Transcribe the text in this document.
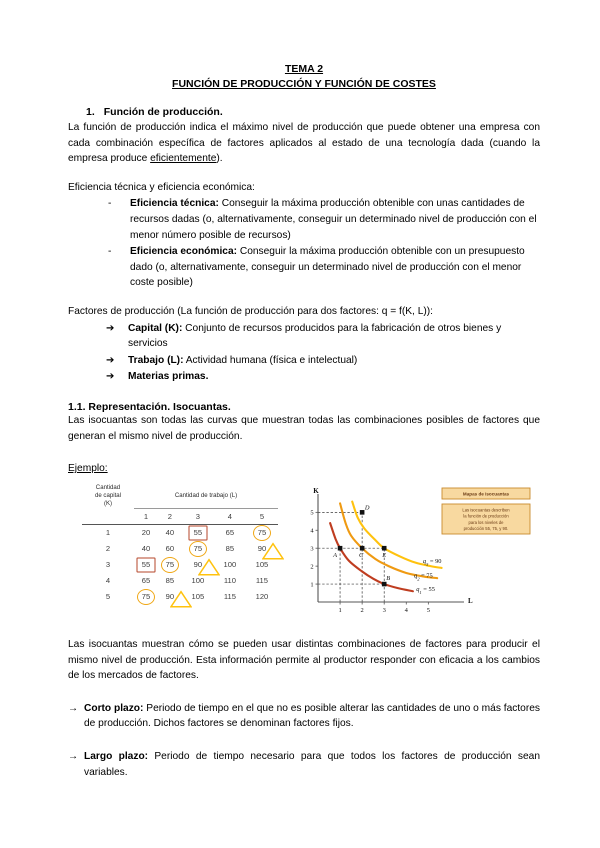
TEMA 2
FUNCIÓN DE PRODUCCIÓN Y FUNCIÓN DE COSTES
1. Función de producción.

La función de producción indica el máximo nivel de producción que puede obtener una empresa con cada combinación específica de factores aplicados al estado de una tecnología dada (cuando la empresa produce eficientemente).

Eficiencia técnica y eficiencia económica:

- Eficiencia técnica: Conseguir la máxima producción obtenible con unas cantidades de recursos dadas (o, alternativamente, conseguir un determinado nivel de producción con el menor número posible de recursos)
- Eficiencia económica: Conseguir la máxima producción obtenible con un presupuesto dado (o, alternativamente, conseguir un determinado nivel de producción con el menor coste posible)

Factores de producción (La función de producción para dos factores: q = f(K, L)):

➔ Capital (K): Conjunto de recursos producidos para la fabricación de otros bienes y servicios
➔ Trabajo (L): Actividad humana (física e intelectual)
➔ Materias primas.
1.1. Representación. Isocuantas.

Las isocuantas son todas las curvas que muestran todas las combinaciones posibles de factores que generan el mismo nivel de producción.

Ejemplo:
Cantidad
de capital
(K)	Cantidad de trabajo (L)				
	1	2	3	4	5
1	20	40	55	65	75
2	40	60	75	85	90
3	55	75	90	100	105
4	65	85	100	110	115
5	75	90	105	115	120
K
L
1	2	3	4	5
1
2
3
4
5
$q_1 = 55$
$q_2 = 75$
$q_3 = 90$
A
B
C
D
E
Mapas de isocuantas
Las isocuantas describen
la función de producción
para los niveles de
producción 55, 75, y 90.

Las isocuantas muestran cómo se pueden usar distintas combinaciones de factores para producir el mismo nivel de producción. Esta información permite al productor responder con eficacia a los cambios de los mercados de factores.

→ Corto plazo: Periodo de tiempo en el que no es posible alterar las cantidades de uno o más factores de producción. Dichos factores se denominan factores fijos.

→ Largo plazo: Periodo de tiempo necesario para que todos los factores de producción sean variables.
